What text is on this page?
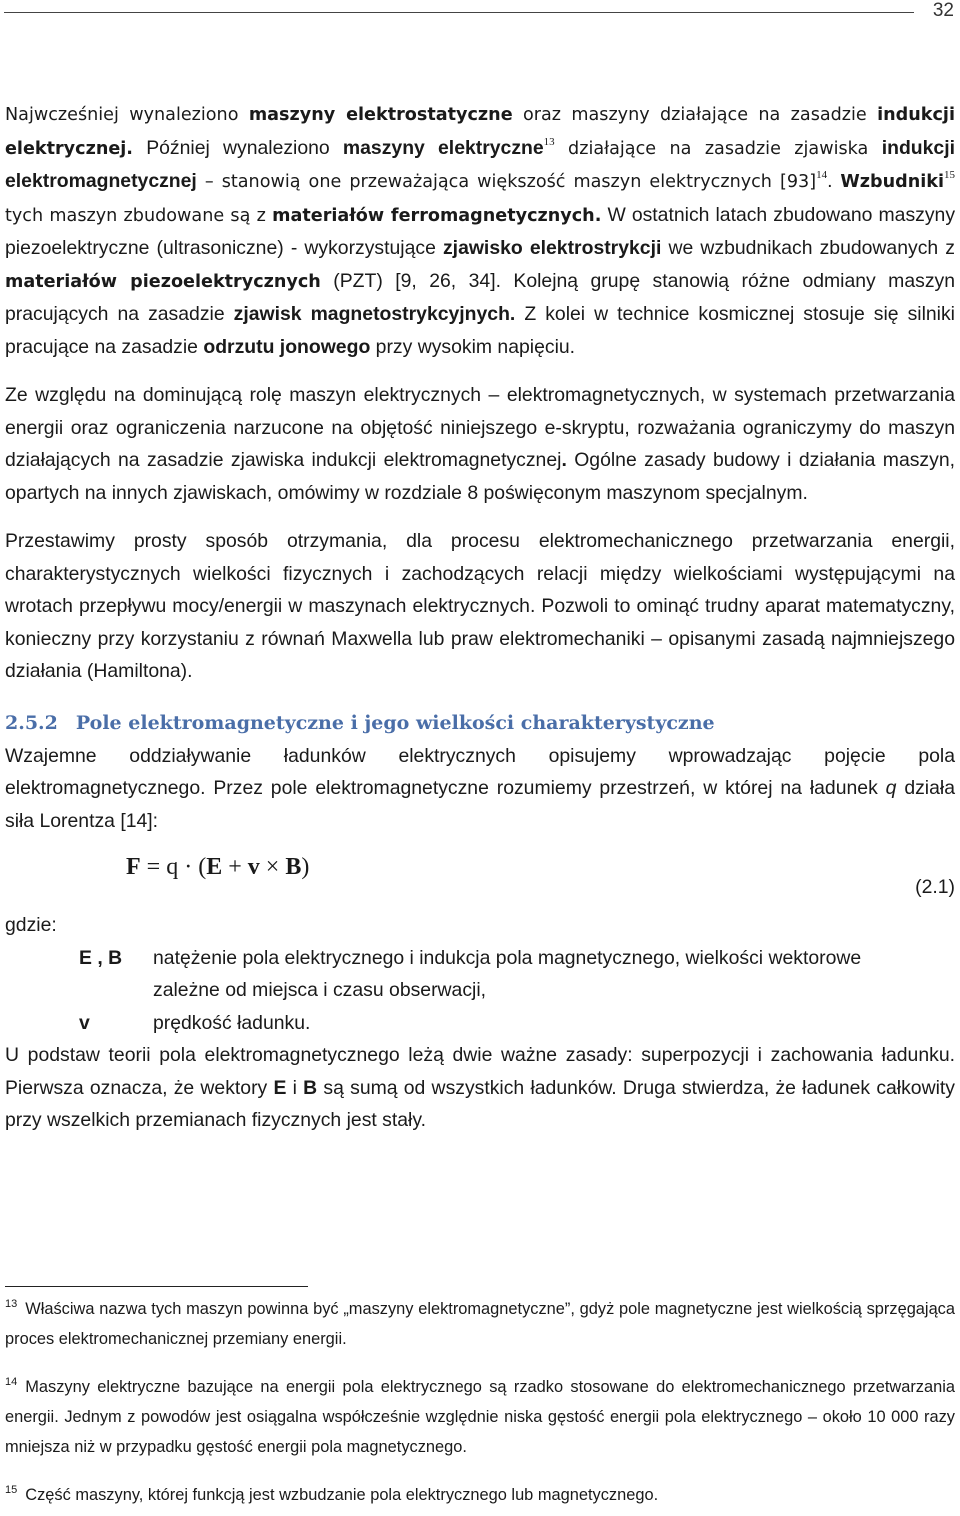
32

Najwcześniej wynaleziono maszyny elektrostatyczne oraz maszyny działające na zasadzie indukcji elektrycznej. Później wynaleziono maszyny elektryczne$^{13}$ działające na zasadzie zjawiska indukcji elektromagnetycznej – stanowią one przeważająca większość maszyn elektrycznych $[93]^{14}$. Wzbudniki$^{15}$ tych maszyn zbudowane są z materiałów ferromagnetycznych. W ostatnich latach zbudowano maszyny piezoelektryczne (ultrasoniczne) - wykorzystujące zjawisko elektrostrykcji we wzbudnikach zbudowanych z materiałów piezoelektrycznych (PZT) [9, 26, 34]. Kolejną grupę stanowią różne odmiany maszyn pracujących na zasadzie zjawisk magnetostrykcyjnych. Z kolei w technice kosmicznej stosuje się silniki pracujące na zasadzie odrzutu jonowego przy wysokim napięciu.

Ze względu na dominującą rolę maszyn elektrycznych – elektromagnetycznych, w systemach przetwarzania energii oraz ograniczenia narzucone na objętość niniejszego e-skryptu, rozważania ograniczymy do maszyn działających na zasadzie zjawiska indukcji elektromagnetycznej. Ogólne zasady budowy i działania maszyn, opartych na innych zjawiskach, omówimy w rozdziale 8 poświęconym maszynom specjalnym.

Przestawimy prosty sposób otrzymania, dla procesu elektromechanicznego przetwarzania energii, charakterystycznych wielkości fizycznych i zachodzących relacji między wielkościami występującymi na wrotach przepływu mocy/energii w maszynach elektrycznych. Pozwoli to ominąć trudny aparat matematyczny, konieczny przy korzystaniu z równań Maxwella lub praw elektromechaniki – opisanymi zasadą najmniejszego działania (Hamiltona).

2.5.2 Pole elektromagnetyczne i jego wielkości charakterystyczne

Wzajemne oddziaływanie ładunków elektrycznych opisujemy wprowadzając pojęcie pola elektromagnetycznego. Przez pole elektromagnetyczne rozumiemy przestrzeń, w której na ładunek q działa siła Lorentza [14]:

F = q · (E + v × B)
(2.1)
gdzie:
E , B	natężenie pola elektrycznego i indukcja pola magnetycznego, wielkości wektorowe
zależne od miejsca i czasu obserwacji,
v	prędkość ładunku.

U podstaw teorii pola elektromagnetycznego leżą dwie ważne zasady: superpozycji i zachowania ładunku. Pierwsza oznacza, że wektory E i B są sumą od wszystkich ładunków. Druga stwierdza, że ładunek całkowity przy wszelkich przemianach fizycznych jest stały.

$^{13}$ Właściwa nazwa tych maszyn powinna być „maszyny elektromagnetyczne”, gdyż pole magnetyczne jest wielkością sprzęgająca proces elektromechanicznej przemiany energii.

$^{14}$ Maszyny elektryczne bazujące na energii pola elektrycznego są rzadko stosowane do elektromechanicznego przetwarzania energii. Jednym z powodów jest osiągalna współcześnie względnie niska gęstość energii pola elektrycznego – około 10 000 razy mniejsza niż w przypadku gęstość energii pola magnetycznego.

$^{15}$ Część maszyny, której funkcją jest wzbudzanie pola elektrycznego lub magnetycznego.
